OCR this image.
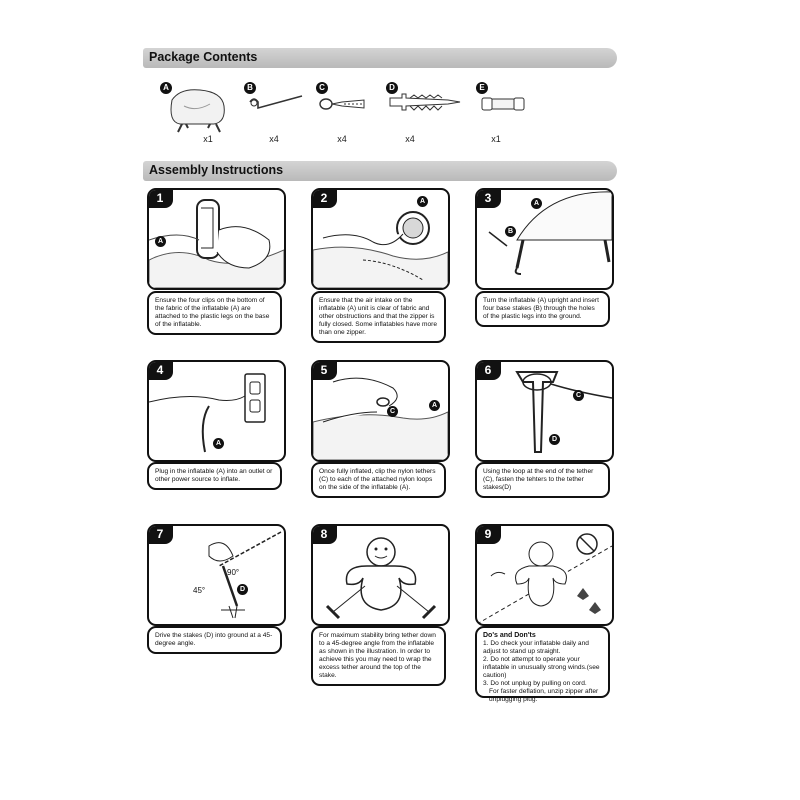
Package Contents
A
x1
B
x4
C
x4
D
x4
E
x1
Assembly Instructions
1
A
Ensure the four clips on the bottom of the fabric of the inflatable (A) are attached to the plastic legs on the base of the inflatable.
2	A
Ensure that the air intake on the inflatable (A) unit is clear of fabric and other obstructions and that the zipper is fully closed. Some inflatables have more than one zipper.
3	A
B
Turn the inflatable (A) upright and insert four base stakes (B) through the holes of the plastic legs into the ground.
4
A
Plug in the inflatable (A) into an outlet or other power source to inflate.
5
C
A
Once fully inflated, clip the nylon tethers (C) to each of the attached nylon loops on the side of the inflatable (A).
6
C
D
Using the loop at the end of the tether (C), fasten the tehters to the tether stakes(D)
7
90°
45°	D
Drive the stakes (D) into ground at a 45-degree angle.
8
For maximum stability bring tether down to a 45-degree angle from the inflatable as shown in the illustration. In order to achieve this you may need to wrap the excess tether around the top of the stake.
9
Do's and Don'ts
1. Do check your inflatable daily and adjust to stand up straight.
2. Do not attempt to operate your inflatable in unusually strong winds.(see caution)
3. Do not unplug by pulling on cord.
For faster deflation, unzip zipper after unplugging plug.
